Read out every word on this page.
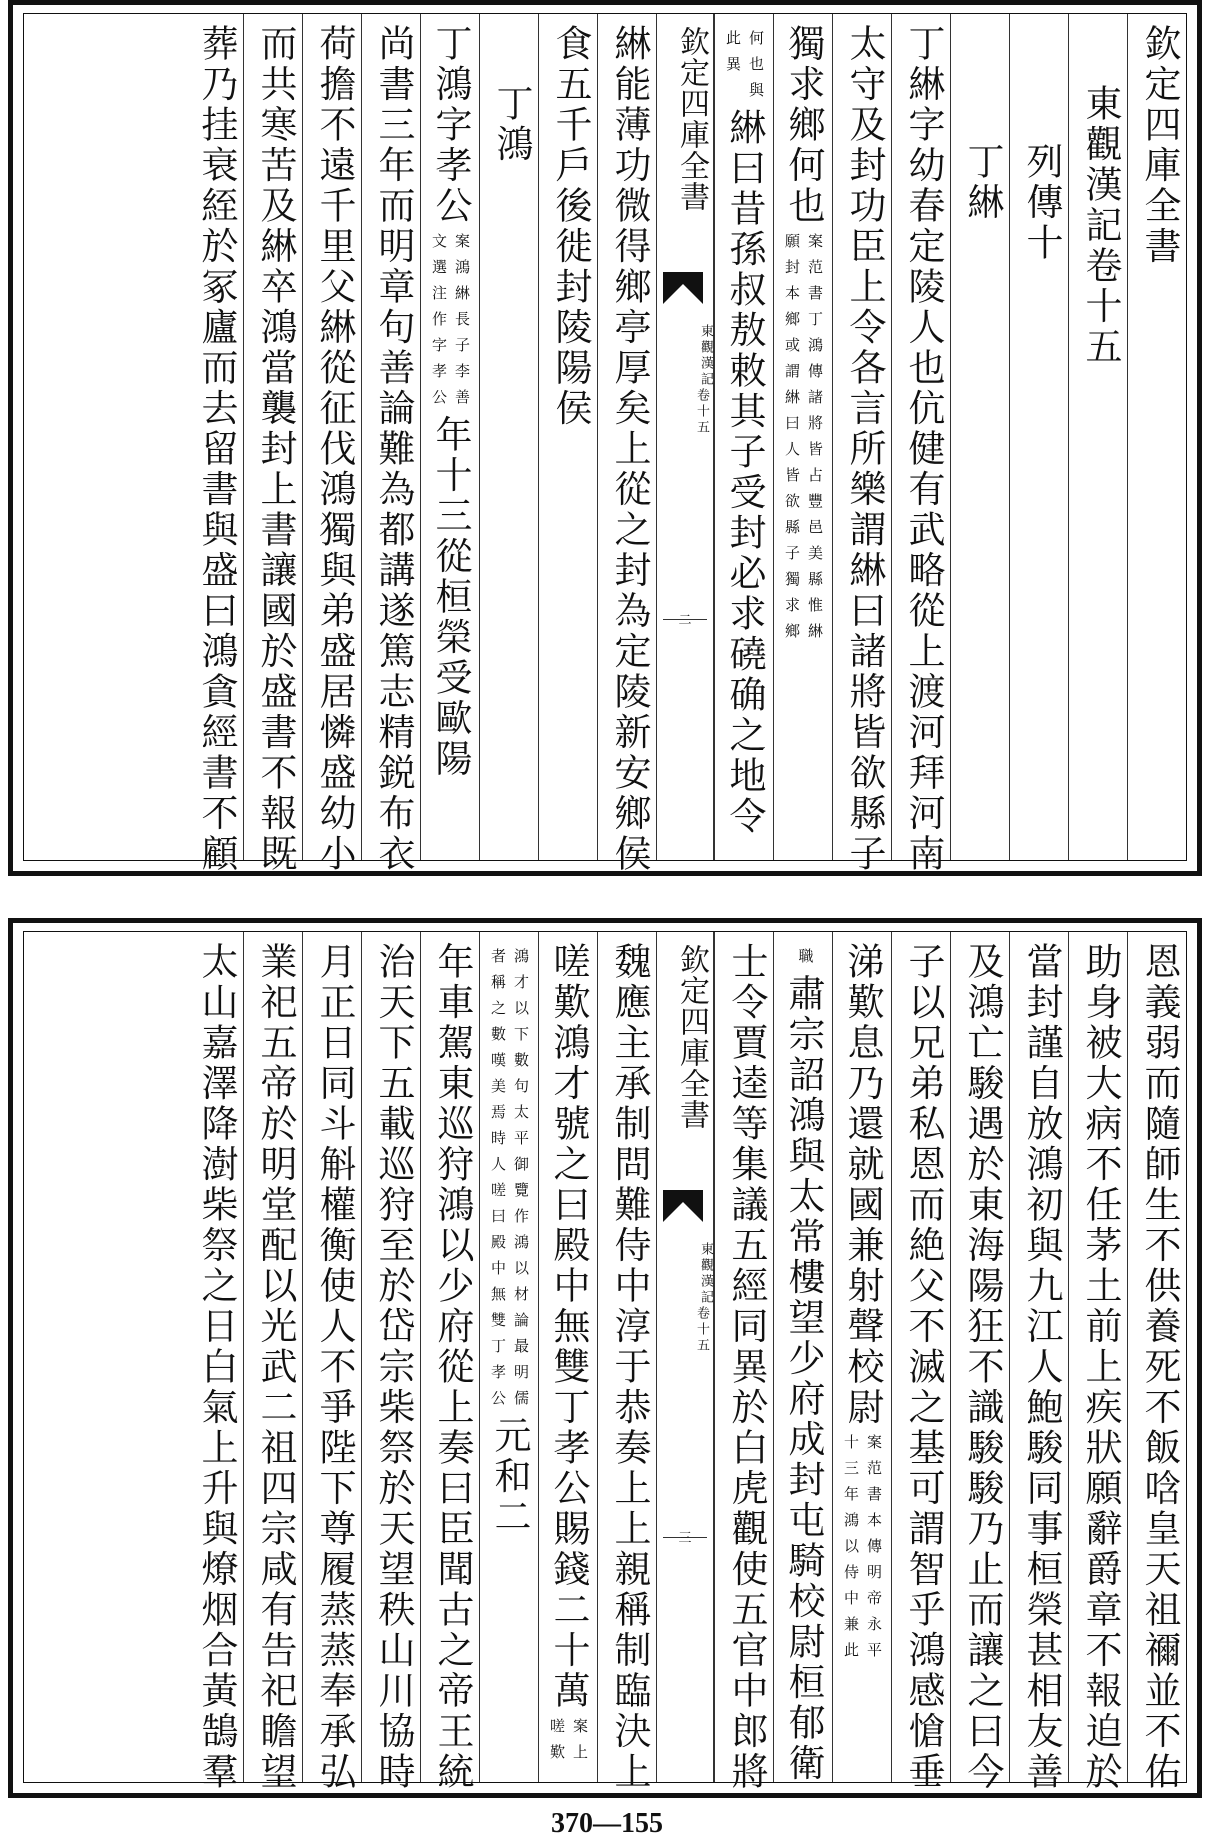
欽定四庫全書
東觀漢記卷十五
列傳十
丁綝
丁綝字幼春定陵人也伉健有武略從上渡河拜河南
太守及封功臣上令各言所樂謂綝曰諸將皆欲縣子
獨求鄉何也
案范書丁鴻傳諸將皆占豐邑美縣惟綝
願封本鄉或謂綝曰人皆欲縣子獨求鄉
何也與
此異
綝曰昔孫叔敖敕其子受封必求磽确之地令
欽定四庫全書
東觀漢記
卷十五
二
綝能薄功微得鄉亭厚矣上從之封為定陵新安鄉侯
食五千戶後徙封陵陽侯
丁鴻
丁鴻字孝公
案鴻綝長子李善
文選注作字孝公
年十三從桓榮受歐陽
尚書三年而明章句善論難為都講遂篤志精鋭布衣
荷擔不遠千里父綝從征伐鴻獨與弟盛居憐盛幼小
而共寒苦及綝卒鴻當襲封上書讓國於盛書不報既
葬乃挂衰絰於冢廬而去留書與盛曰鴻貪經書不顧
恩義弱而隨師生不供養死不飯唅皇天祖禰並不佑
助身被大病不任茅土前上疾狀願辭爵章不報迫於
當封謹自放鴻初與九江人鮑駿同事桓榮甚相友善
及鴻亡駿遇於東海陽狂不識駿駿乃止而讓之曰今
子以兄弟私恩而絶父不滅之基可謂智乎鴻感愴垂
涕歎息乃還就國兼射聲校尉
案范書本傳明帝永平
十三年鴻以侍中兼此
職
肅宗詔鴻與太常樓望少府成封屯騎校尉桓郁衛
士令賈逵等集議五經同異於白虎觀使五官中郎將
欽定四庫全書
東觀漢記
卷十五
三
魏應主承制問難侍中淳于恭奏上上親稱制臨決上
嗟歎鴻才號之曰殿中無雙丁孝公賜錢二十萬
案上
嗟歎
鴻才以下數句太平御覽作鴻以材論最明儒
者稱之數嘆美焉時人嗟曰殿中無雙丁孝公
元和二
年車駕東巡狩鴻以少府從上奏曰臣聞古之帝王統
治天下五載巡狩至於岱宗柴祭於天望秩山川協時
月正日同斗斛權衡使人不爭陛下尊履蒸蒸奉承弘
業祀五帝於明堂配以光武二祖四宗咸有告祀瞻望
太山嘉澤降澍柴祭之日白氣上升與燎烟合黃鵠羣
370—155
